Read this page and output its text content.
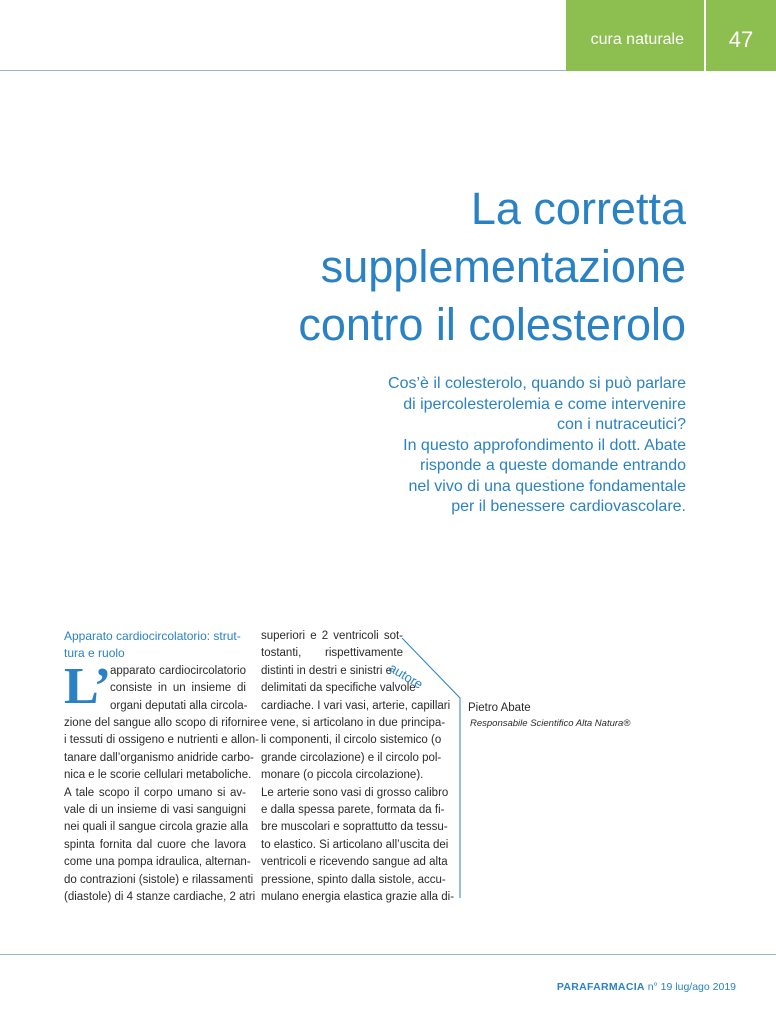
cura naturale	47
La corretta
supplementazione
contro il colesterolo
Cos’è il colesterolo, quando si può parlare
di ipercolesterolemia e come intervenire
con i nutraceutici?
In questo approfondimento il dott. Abate
risponde a queste domande entrando
nel vivo di una questione fondamentale
per il benessere cardiovascolare.
Apparato cardiocircolatorio: strut-
tura e ruolo
L’
apparato cardiocircolatorio
consiste in un insieme di
organi deputati alla circola-
zione del sangue allo scopo di rifornire
i tessuti di ossigeno e nutrienti e allon-
tanare dall’organismo anidride carbo-
nica e le scorie cellulari metaboliche.
A tale scopo il corpo umano si av-
vale di un insieme di vasi sanguigni
nei quali il sangue circola grazie alla
spinta fornita dal cuore che lavora
come una pompa idraulica, alternan-
do contrazioni (sistole) e rilassamenti
(diastole) di 4 stanze cardiache, 2 atri
superiori e 2 ventricoli sot-
tostanti, rispettivamente
distinti in destri e sinistri e
delimitati da specifiche valvole
cardiache. I vari vasi, arterie, capillari
e vene, si articolano in due principa-
li componenti, il circolo sistemico (o
grande circolazione) e il circolo pol-
monare (o piccola circolazione).
Le arterie sono vasi di grosso calibro
e dalla spessa parete, formata da fi-
bre muscolari e soprattutto da tessu-
to elastico. Si articolano all’uscita dei
ventricoli e ricevendo sangue ad alta
pressione, spinto dalla sistole, accu-
mulano energia elastica grazie alla di-
autore
Pietro Abate
Responsabile Scientifico Alta Natura®
PARAFARMACIA n° 19 lug/ago 2019
